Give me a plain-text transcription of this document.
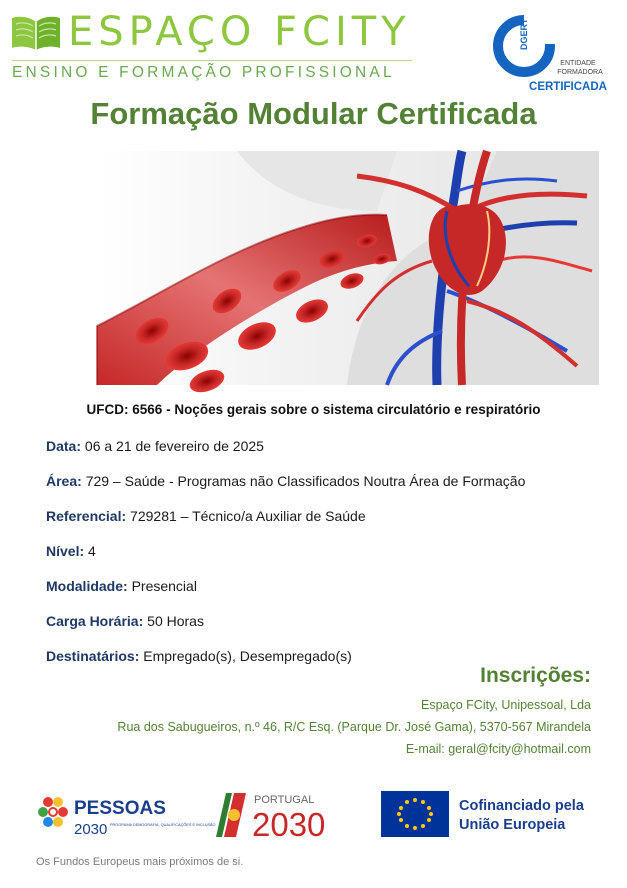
ESPAÇO FCITY
ENSINO E FORMAÇÃO PROFISSIONAL
DGERT
ENTIDADE
FORMADORA
CERTIFICADA
Formação Modular Certificada
UFCD: 6566 - Noções gerais sobre o sistema circulatório e respiratório
Data: 06 a 21 de fevereiro de 2025
Área: 729 – Saúde - Programas não Classificados Noutra Área de Formação
Referencial: 729281 – Técnico/a Auxiliar de Saúde
Nível: 4
Modalidade: Presencial
Carga Horária: 50 Horas
Destinatários: Empregado(s), Desempregado(s)
Inscrições:
Espaço FCity, Unipessoal, Lda
Rua dos Sabugueiros, n.º 46, R/C Esq. (Parque Dr. José Gama), 5370-567 Mirandela
E-mail: geral@fcity@hotmail.com
PESSOAS
2030 PROGRAMA DEMOGRAFIA, QUALIFICAÇÕES E INCLUSÃO
PORTUGAL
2030	Cofinanciado pela
União Europeia
Os Fundos Europeus mais próximos de si.
